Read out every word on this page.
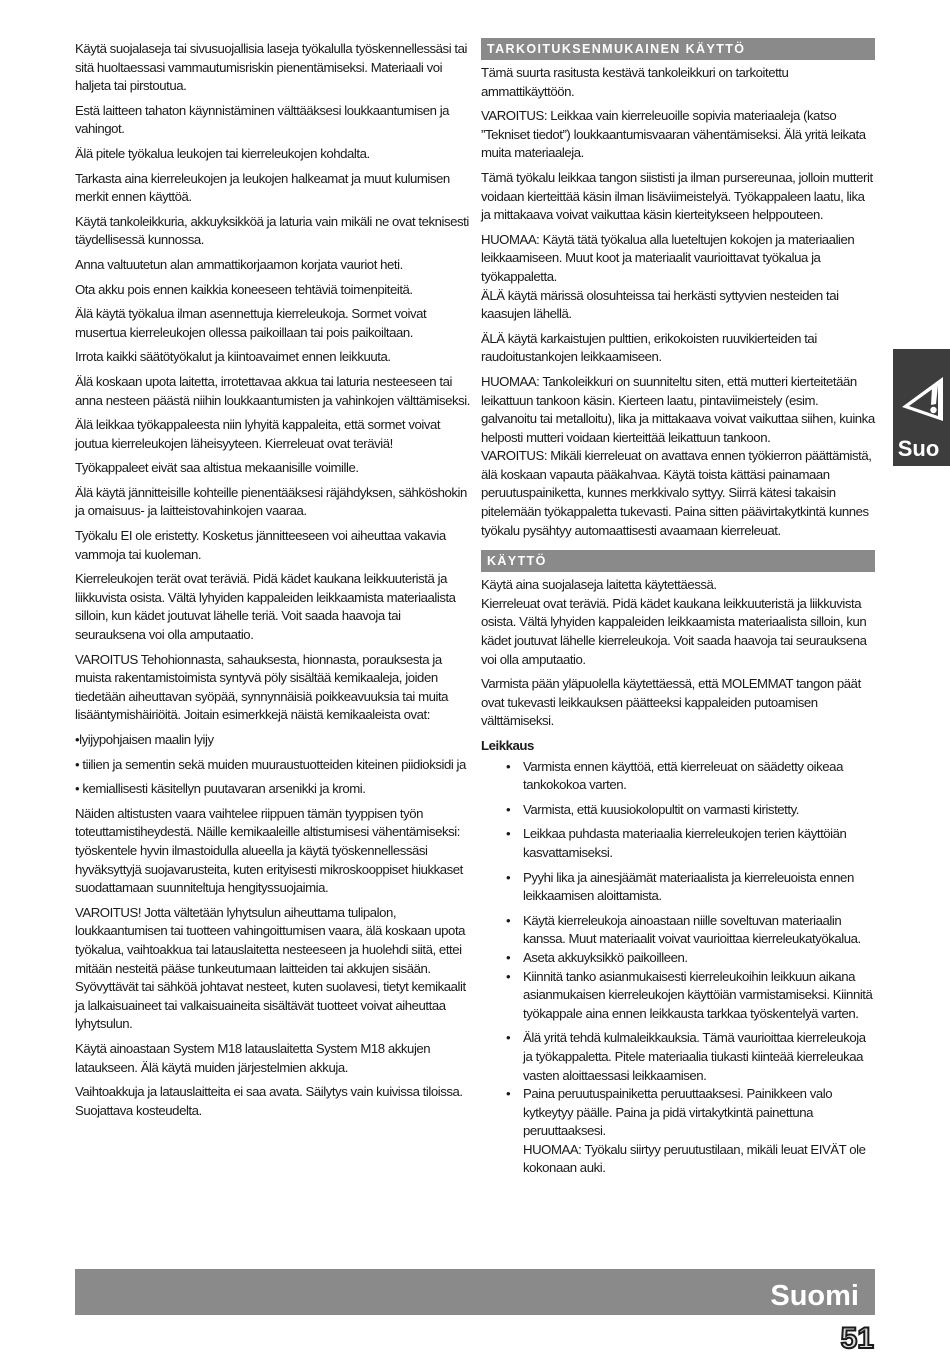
Käytä suojalaseja tai sivusuojallisia laseja työkalulla työskennellessäsi tai sitä huoltaessasi vammautumisriskin pienentämiseksi. Materiaali voi haljeta tai pirstoutua.

Estä laitteen tahaton käynnistäminen välttääksesi loukkaantumisen ja vahingot.

Älä pitele työkalua leukojen tai kierreleukojen kohdalta.

Tarkasta aina kierreleukojen ja leukojen halkeamat ja muut kulumisen merkit ennen käyttöä.

Käytä tankoleikkuria, akkuyksikköä ja laturia vain mikäli ne ovat teknisesti täydellisessä kunnossa.

Anna valtuutetun alan ammattikorjaamon korjata vauriot heti.

Ota akku pois ennen kaikkia koneeseen tehtäviä toimenpiteitä.

Älä käytä työkalua ilman asennettuja kierreleukoja. Sormet voivat musertua kierreleukojen ollessa paikoillaan tai pois paikoiltaan.

Irrota kaikki säätötyökalut ja kiintoavaimet ennen leikkuuta.

Älä koskaan upota laitetta, irrotettavaa akkua tai laturia nesteeseen tai anna nesteen päästä niihin loukkaantumisten ja vahinkojen välttämiseksi.

Älä leikkaa työkappaleesta niin lyhyitä kappaleita, että sormet voivat joutua kierreleukojen läheisyyteen. Kierreleuat ovat teräviä!

Työkappaleet eivät saa altistua mekaanisille voimille.

Älä käytä jännitteisille kohteille pienentääksesi räjähdyksen, sähköshokin ja omaisuus- ja laitteistovahinkojen vaaraa.

Työkalu EI ole eristetty. Kosketus jännitteeseen voi aiheuttaa vakavia vammoja tai kuoleman.

Kierreleukojen terät ovat teräviä. Pidä kädet kaukana leikkuuteristä ja liikkuvista osista. Vältä lyhyiden kappaleiden leikkaamista materiaalista silloin, kun kädet joutuvat lähelle teriä. Voit saada haavoja tai seurauksena voi olla amputaatio.

VAROITUS Tehohionnasta, sahauksesta, hionnasta, porauksesta ja muista rakentamistoimista syntyvä pöly sisältää kemikaaleja, joiden tiedetään aiheuttavan syöpää, synnynnäisiä poikkeavuuksia tai muita lisääntymishäiriöitä. Joitain esimerkkejä näistä kemikaaleista ovat:

•lyijypohjaisen maalin lyijy

• tiilien ja sementin sekä muiden muuraustuotteiden kiteinen piidioksidi ja

• kemiallisesti käsitellyn puutavaran arsenikki ja kromi.

Näiden altistusten vaara vaihtelee riippuen tämän tyyppisen työn toteuttamistiheydestä. Näille kemikaaleille altistumisesi vähentämiseksi: työskentele hyvin ilmastoidulla alueella ja käytä työskennellessäsi hyväksyttyjä suojavarusteita, kuten erityisesti mikroskooppiset hiukkaset suodattamaan suunniteltuja hengityssuojaimia.

VAROITUS! Jotta vältetään lyhytsulun aiheuttama tulipalon, loukkaantumisen tai tuotteen vahingoittumisen vaara, älä koskaan upota työkalua, vaihtoakkua tai latauslaitetta nesteeseen ja huolehdi siitä, ettei mitään nesteitä pääse tunkeutumaan laitteiden tai akkujen sisään. Syövyttävät tai sähköä johtavat nesteet, kuten suolavesi, tietyt kemikaalit ja lalkaisuaineet tai valkaisuaineita sisältävät tuotteet voivat aiheuttaa lyhytsulun.

Käytä ainoastaan System M18 latauslaitetta System M18 akkujen lataukseen. Älä käytä muiden järjestelmien akkuja.

Vaihtoakkuja ja latauslaitteita ei saa avata. Säilytys vain kuivissa tiloissa. Suojattava kosteudelta.

TARKOITUKSENMUKAINEN KÄYTTÖ

Tämä suurta rasitusta kestävä tankoleikkuri on tarkoitettu ammattikäyttöön.

VAROITUS: Leikkaa vain kierreleuoille sopivia materiaaleja (katso ”Tekniset tiedot”) loukkaantumisvaaran vähentämiseksi. Älä yritä leikata muita materiaaleja.

Tämä työkalu leikkaa tangon siististi ja ilman pursereunaa, jolloin mutterit voidaan kierteittää käsin ilman lisäviimeistelyä. Työkappaleen laatu, lika ja mittakaava voivat vaikuttaa käsin kierteitykseen helppouteen.

HUOMAA: Käytä tätä työkalua alla lueteltujen kokojen ja materiaalien leikkaamiseen. Muut koot ja materiaalit vaurioittavat työkalua ja työkappaletta.

ÄLÄ käytä märissä olosuhteissa tai herkästi syttyvien nesteiden tai kaasujen lähellä.

ÄLÄ käytä karkaistujen pulttien, erikokoisten ruuvikierteiden tai raudoitustankojen leikkaamiseen.

HUOMAA: Tankoleikkuri on suunniteltu siten, että mutteri kierteitetään leikattuun tankoon käsin. Kierteen laatu, pintaviimeistely (esim. galvanoitu tai metalloitu), lika ja mittakaava voivat vaikuttaa siihen, kuinka helposti mutteri voidaan kierteittää leikattuun tankoon.

VAROITUS: Mikäli kierreleuat on avattava ennen työkierron päättämistä, älä koskaan vapauta pääkahvaa. Käytä toista kättäsi painamaan peruutuspainiketta, kunnes merkkivalo syttyy. Siirrä kätesi takaisin pitelemään työkappaletta tukevasti. Paina sitten päävirtakytkintä kunnes työkalu pysähtyy automaattisesti avaamaan kierreleuat.

KÄYTTÖ

Käytä aina suojalaseja laitetta käytettäessä.

Kierreleuat ovat teräviä. Pidä kädet kaukana leikkuuteristä ja liikkuvista osista. Vältä lyhyiden kappaleiden leikkaamista materiaalista silloin, kun kädet joutuvat lähelle kierreleukoja. Voit saada haavoja tai seurauksena voi olla amputaatio.

Varmista pään yläpuolella käytettäessä, että MOLEMMAT tangon päät ovat tukevasti leikkauksen päätteeksi kappaleiden putoamisen välttämiseksi.

Leikkaus
• Varmista ennen käyttöä, että kierreleuat on säädetty oikeaa tankokokoa varten.
• Varmista, että kuusiokolopultit on varmasti kiristetty.
• Leikkaa puhdasta materiaalia kierreleukojen terien käyttöiän kasvattamiseksi.
• Pyyhi lika ja ainesjäämät materiaalista ja kierreleuoista ennen leikkaamisen aloittamista.
• Käytä kierreleukoja ainoastaan niille soveltuvan materiaalin kanssa. Muut materiaalit voivat vaurioittaa kierreleukatyökalua.
• Aseta akkuyksikkö paikoilleen.
• Kiinnitä tanko asianmukaisesti kierreleukoihin leikkuun aikana asianmukaisen kierreleukojen käyttöiän varmistamiseksi. Kiinnitä työkappale aina ennen leikkausta tarkkaa työskentelyä varten.
• Älä yritä tehdä kulmaleikkauksia. Tämä vaurioittaa kierreleukoja ja työkappaletta. Pitele materiaalia tiukasti kiinteää kierreleukaa vasten aloittaessasi leikkaamisen.
• Paina peruutuspainiketta peruuttaaksesi. Painikkeen valo kytkeytyy päälle. Paina ja pidä virtakytkintä painettuna peruuttaaksesi.
HUOMAA: Työkalu siirtyy peruutustilaan, mikäli leuat EIVÄT ole kokonaan auki.
Suo
Suomi
51
